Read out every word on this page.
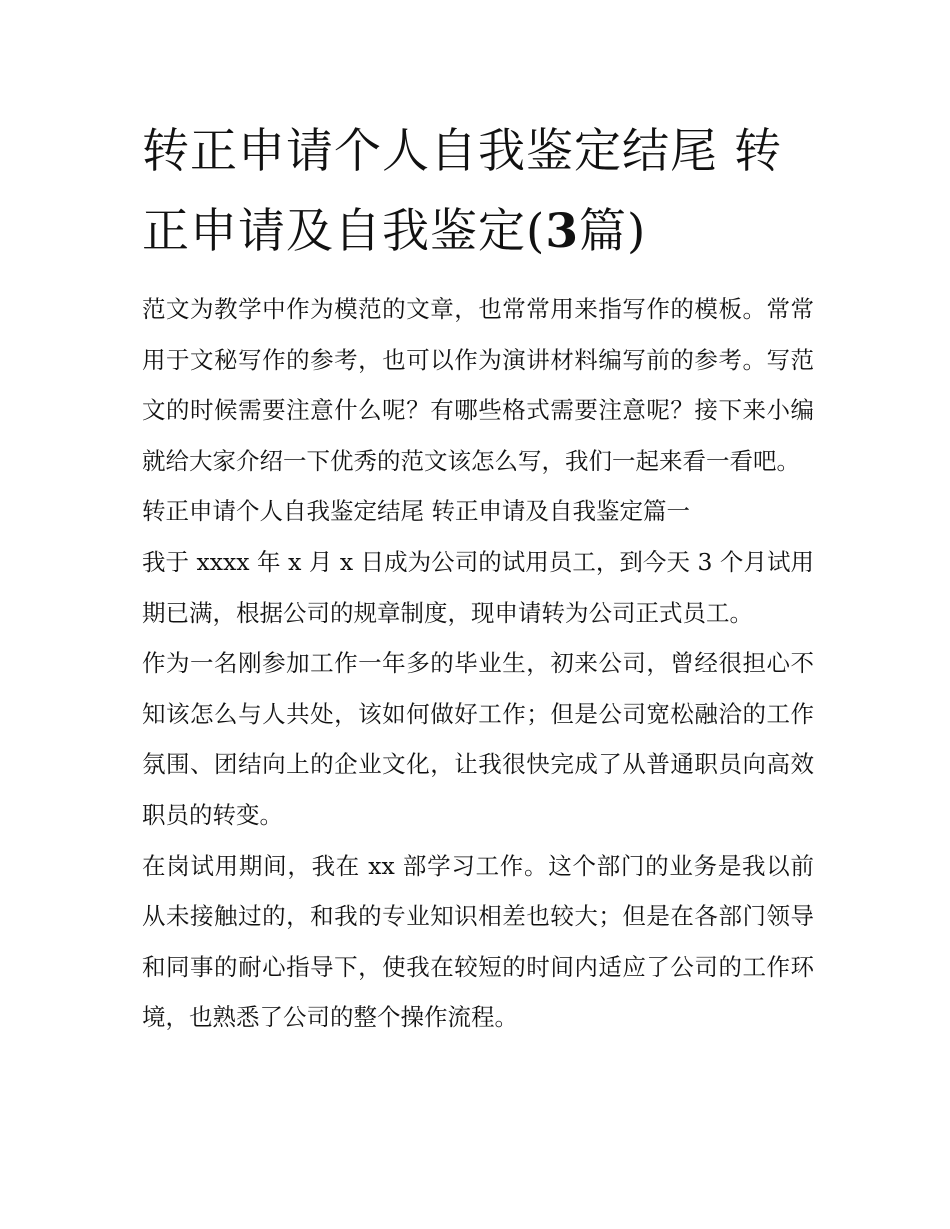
转正申请个人自我鉴定结尾 转正申请及自我鉴定(3篇)

范文为教学中作为模范的文章，也常常用来指写作的模板。常常用于文秘写作的参考，也可以作为演讲材料编写前的参考。写范文的时候需要注意什么呢？有哪些格式需要注意呢？接下来小编就给大家介绍一下优秀的范文该怎么写，我们一起来看一看吧。

转正申请个人自我鉴定结尾 转正申请及自我鉴定篇一

我于 xxxx 年 x 月 x 日成为公司的试用员工，到今天 3 个月试用期已满，根据公司的规章制度，现申请转为公司正式员工。

作为一名刚参加工作一年多的毕业生，初来公司，曾经很担心不知该怎么与人共处，该如何做好工作；但是公司宽松融洽的工作氛围、团结向上的企业文化，让我很快完成了从普通职员向高效职员的转变。

在岗试用期间，我在 xx 部学习工作。这个部门的业务是我以前从未接触过的，和我的专业知识相差也较大；但是在各部门领导和同事的耐心指导下，使我在较短的时间内适应了公司的工作环境，也熟悉了公司的整个操作流程。
